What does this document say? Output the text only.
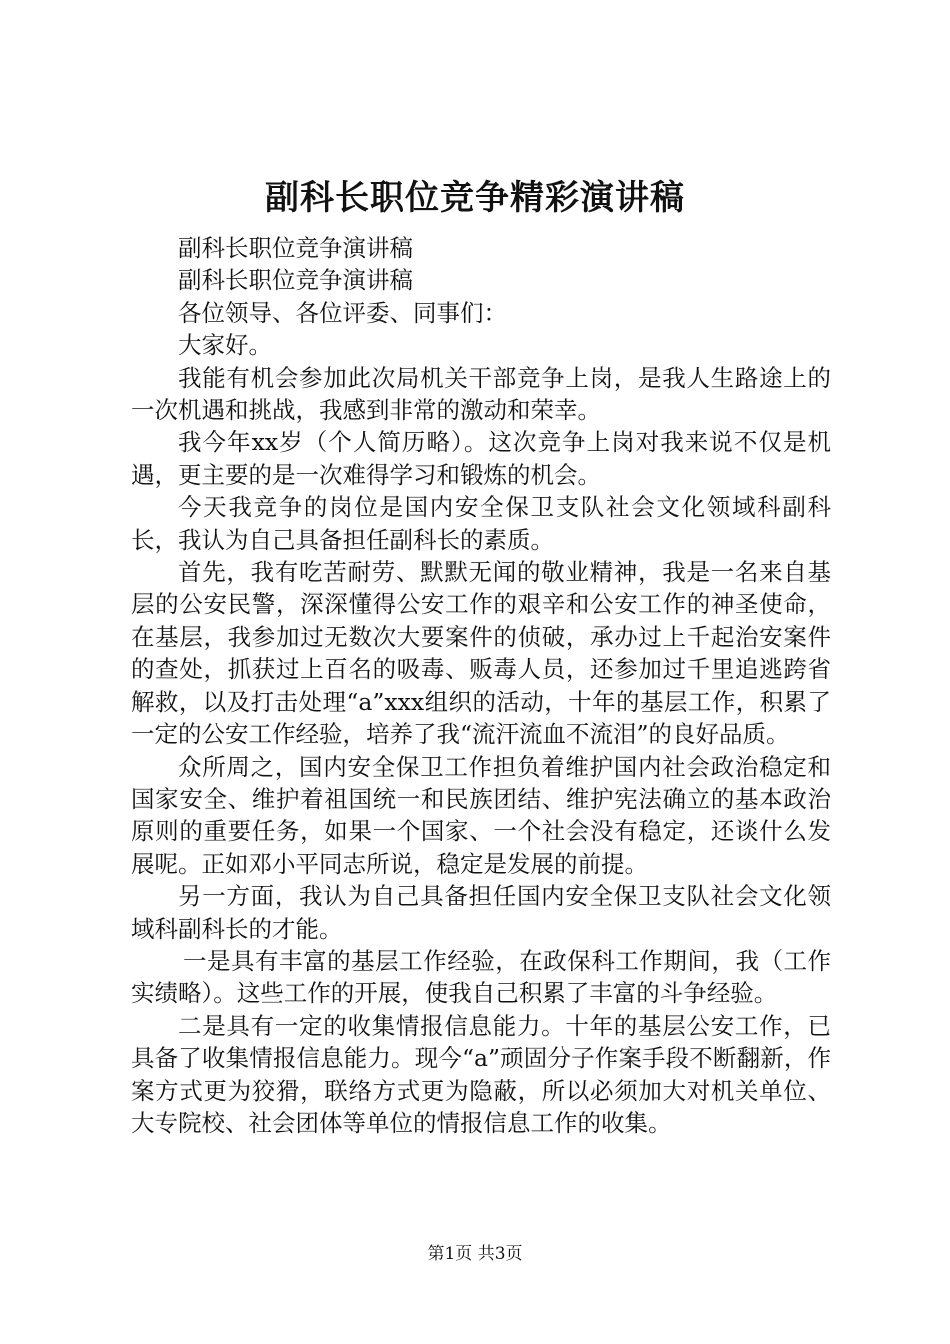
副科长职位竞争精彩演讲稿

副科长职位竞争演讲稿

副科长职位竞争演讲稿

各位领导、各位评委、同事们：

大家好。

我能有机会参加此次局机关干部竞争上岗，是我人生路途上的一次机遇和挑战，我感到非常的激动和荣幸。

我今年xx岁（个人简历略）。这次竞争上岗对我来说不仅是机遇，更主要的是一次难得学习和锻炼的机会。

今天我竞争的岗位是国内安全保卫支队社会文化领域科副科长，我认为自己具备担任副科长的素质。

首先，我有吃苦耐劳、默默无闻的敬业精神，我是一名来自基层的公安民警，深深懂得公安工作的艰辛和公安工作的神圣使命，在基层，我参加过无数次大要案件的侦破，承办过上千起治安案件的查处，抓获过上百名的吸毒、贩毒人员，还参加过千里追逃跨省解救，以及打击处理“a”xxx组织的活动，十年的基层工作，积累了一定的公安工作经验，培养了我“流汗流血不流泪”的良好品质。

众所周之，国内安全保卫工作担负着维护国内社会政治稳定和国家安全、维护着祖国统一和民族团结、维护宪法确立的基本政治原则的重要任务，如果一个国家、一个社会没有稳定，还谈什么发展呢。正如邓小平同志所说，稳定是发展的前提。

另一方面，我认为自己具备担任国内安全保卫支队社会文化领域科副科长的才能。

一是具有丰富的基层工作经验，在政保科工作期间，我（工作实绩略）。这些工作的开展，使我自己积累了丰富的斗争经验。

二是具有一定的收集情报信息能力。十年的基层公安工作，已具备了收集情报信息能力。现今“a”顽固分子作案手段不断翻新，作案方式更为狡猾，联络方式更为隐蔽，所以必须加大对机关单位、大专院校、社会团体等单位的情报信息工作的收集。

第1页 共3页
